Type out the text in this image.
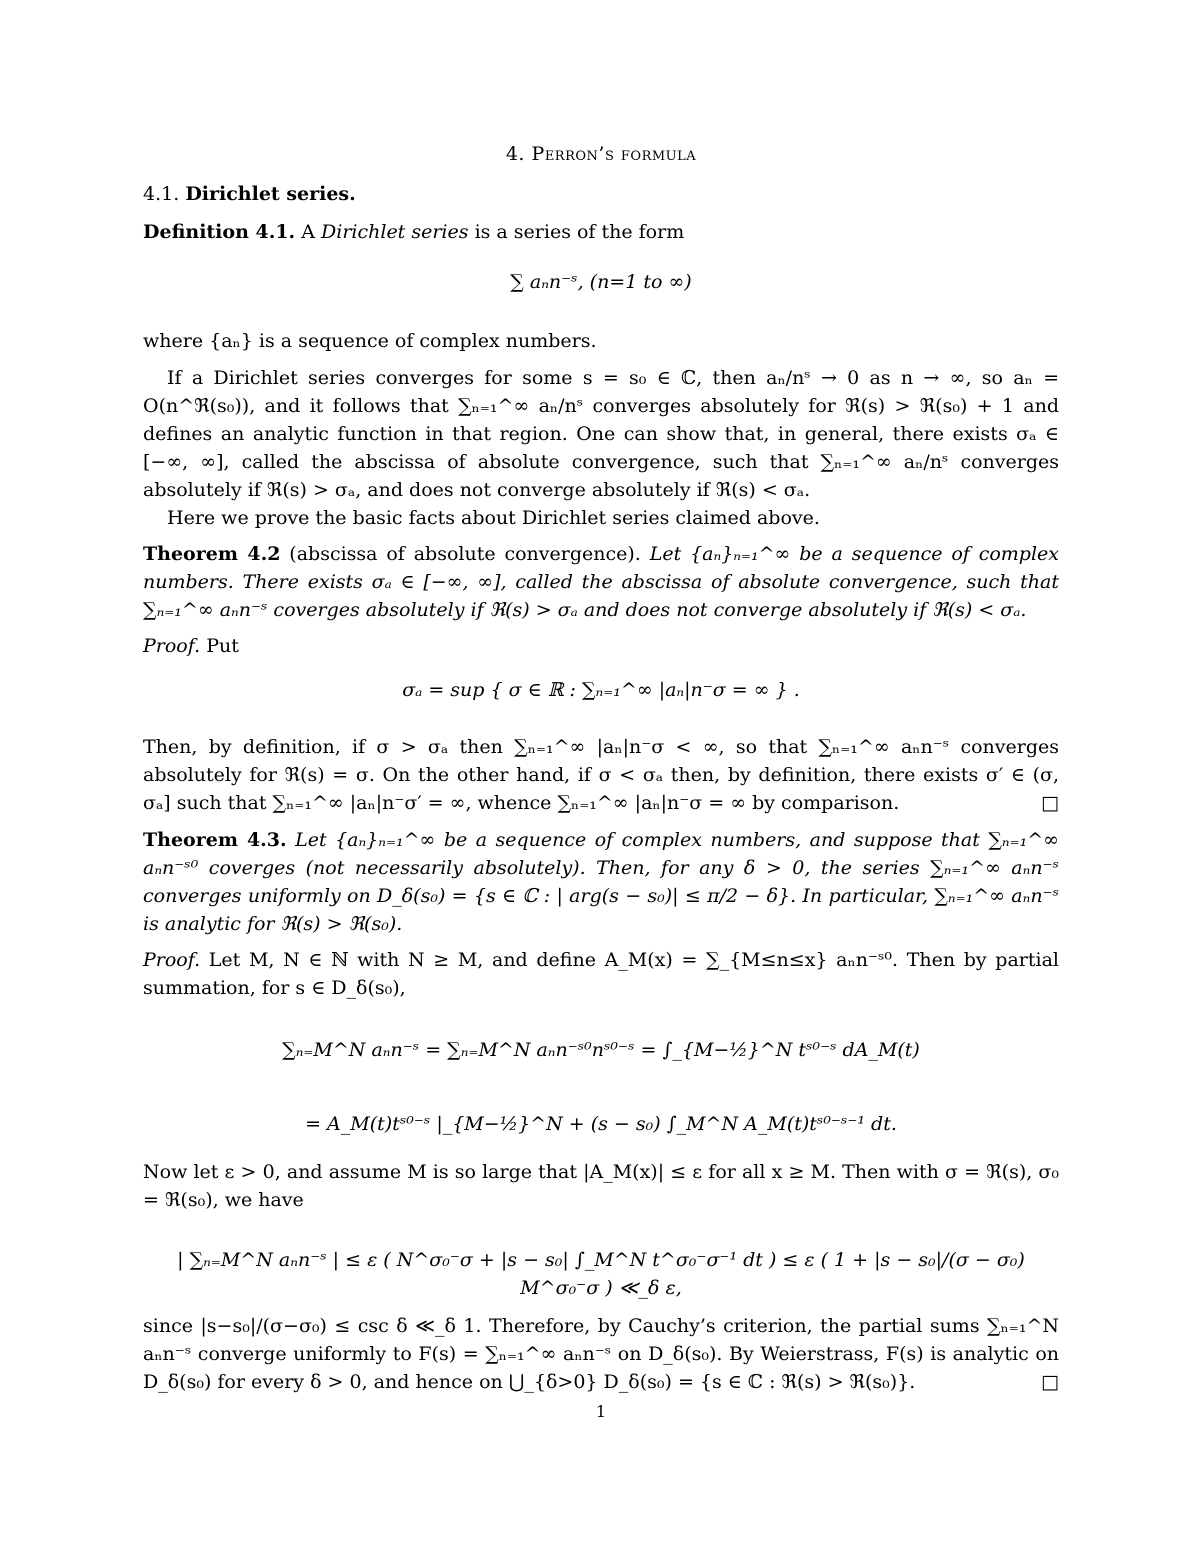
4. Perron’s formula
4.1. Dirichlet series.
Definition 4.1. A Dirichlet series is a series of the form
∑ aₙn⁻ˢ, (n=1 to ∞)
where {aₙ} is a sequence of complex numbers.
If a Dirichlet series converges for some s = s₀ ∈ ℂ, then aₙ/nˢ → 0 as n → ∞, so aₙ = O(n^ℜ(s₀)), and it follows that ∑ₙ₌₁^∞ aₙ/nˢ converges absolutely for ℜ(s) > ℜ(s₀) + 1 and defines an analytic function in that region. One can show that, in general, there exists σₐ ∈ [−∞, ∞], called the abscissa of absolute convergence, such that ∑ₙ₌₁^∞ aₙ/nˢ converges absolutely if ℜ(s) > σₐ, and does not converge absolutely if ℜ(s) < σₐ.
Here we prove the basic facts about Dirichlet series claimed above.
Theorem 4.2 (abscissa of absolute convergence). Let {aₙ}ₙ₌₁^∞ be a sequence of complex numbers. There exists σₐ ∈ [−∞, ∞], called the abscissa of absolute convergence, such that ∑ₙ₌₁^∞ aₙn⁻ˢ coverges absolutely if ℜ(s) > σₐ and does not converge absolutely if ℜ(s) < σₐ.
Proof. Put
σₐ = sup { σ ∈ ℝ : ∑ₙ₌₁^∞ |aₙ|n⁻σ = ∞ } .
Then, by definition, if σ > σₐ then ∑ₙ₌₁^∞ |aₙ|n⁻σ < ∞, so that ∑ₙ₌₁^∞ aₙn⁻ˢ converges absolutely for ℜ(s) = σ. On the other hand, if σ < σₐ then, by definition, there exists σ′ ∈ (σ, σₐ] such that ∑ₙ₌₁^∞ |aₙ|n⁻σ′ = ∞, whence ∑ₙ₌₁^∞ |aₙ|n⁻σ = ∞ by comparison.	□
Theorem 4.3. Let {aₙ}ₙ₌₁^∞ be a sequence of complex numbers, and suppose that ∑ₙ₌₁^∞ aₙn⁻ˢ⁰ coverges (not necessarily absolutely). Then, for any δ > 0, the series ∑ₙ₌₁^∞ aₙn⁻ˢ converges uniformly on D_δ(s₀) = {s ∈ ℂ : | arg(s − s₀)| ≤ π/2 − δ}. In particular, ∑ₙ₌₁^∞ aₙn⁻ˢ is analytic for ℜ(s) > ℜ(s₀).
Proof. Let M, N ∈ ℕ with N ≥ M, and define A_M(x) = ∑_{M≤n≤x} aₙn⁻ˢ⁰. Then by partial summation, for s ∈ D_δ(s₀),
∑ₙ₌M^N aₙn⁻ˢ = ∑ₙ₌M^N aₙn⁻ˢ⁰nˢ⁰⁻ˢ = ∫_{M−½}^N tˢ⁰⁻ˢ dA_M(t)
= A_M(t)tˢ⁰⁻ˢ |_{M−½}^N + (s − s₀) ∫_M^N A_M(t)tˢ⁰⁻ˢ⁻¹ dt.
Now let ε > 0, and assume M is so large that |A_M(x)| ≤ ε for all x ≥ M. Then with σ = ℜ(s), σ₀ = ℜ(s₀), we have
| ∑ₙ₌M^N aₙn⁻ˢ | ≤ ε ( N^σ₀⁻σ + |s − s₀| ∫_M^N t^σ₀⁻σ⁻¹ dt ) ≤ ε ( 1 + |s − s₀|/(σ − σ₀) M^σ₀⁻σ ) ≪_δ ε,
since |s−s₀|/(σ−σ₀) ≤ csc δ ≪_δ 1. Therefore, by Cauchy’s criterion, the partial sums ∑ₙ₌₁^N aₙn⁻ˢ converge uniformly to F(s) = ∑ₙ₌₁^∞ aₙn⁻ˢ on D_δ(s₀). By Weierstrass, F(s) is analytic on D_δ(s₀) for every δ > 0, and hence on ⋃_{δ>0} D_δ(s₀) = {s ∈ ℂ : ℜ(s) > ℜ(s₀)}.	□
1
